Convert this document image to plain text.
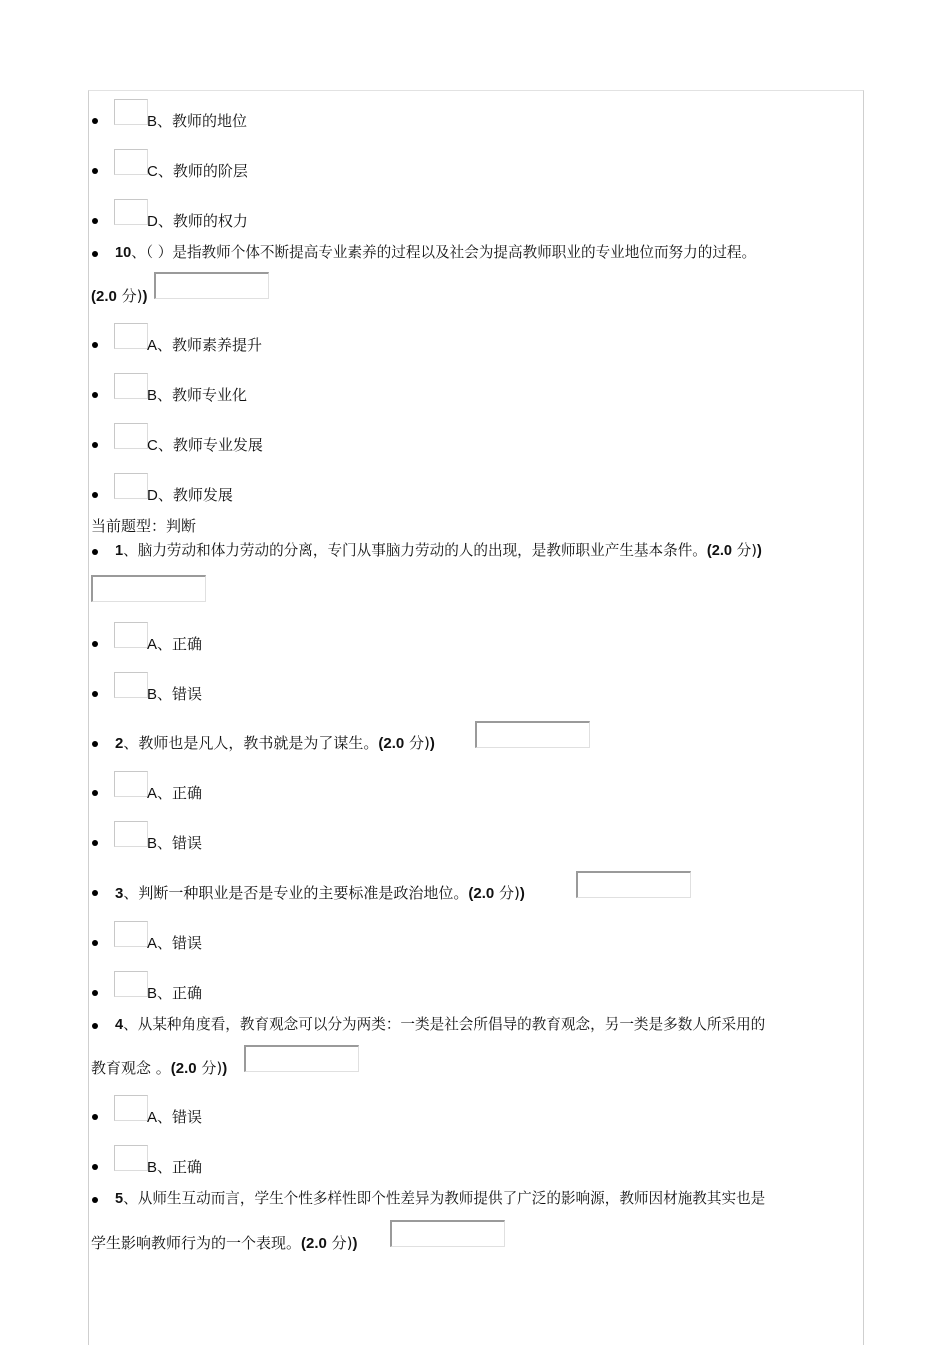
B、教师的地位
C、教师的阶层
D、教师的权力
10、（ ）是指教师个体不断提高专业素养的过程以及社会为提高教师职业的专业地位而努力的过程。
(2.0 分))
A、教师素养提升
B、教师专业化
C、教师专业发展
D、教师发展
当前题型：判断
1、脑力劳动和体力劳动的分离，专门从事脑力劳动的人的出现，是教师职业产生基本条件。(2.0 分))
A、正确
B、错误
2、教师也是凡人，教书就是为了谋生。(2.0 分))
A、正确
B、错误
3、判断一种职业是否是专业的主要标准是政治地位。(2.0 分))
A、错误
B、正确
4、从某种角度看，教育观念可以分为两类：一类是社会所倡导的教育观念，另一类是多数人所采用的
教育观念 。(2.0 分))
A、错误
B、正确
5、从师生互动而言，学生个性多样性即个性差异为教师提供了广泛的影响源，教师因材施教其实也是
学生影响教师行为的一个表现。(2.0 分))
